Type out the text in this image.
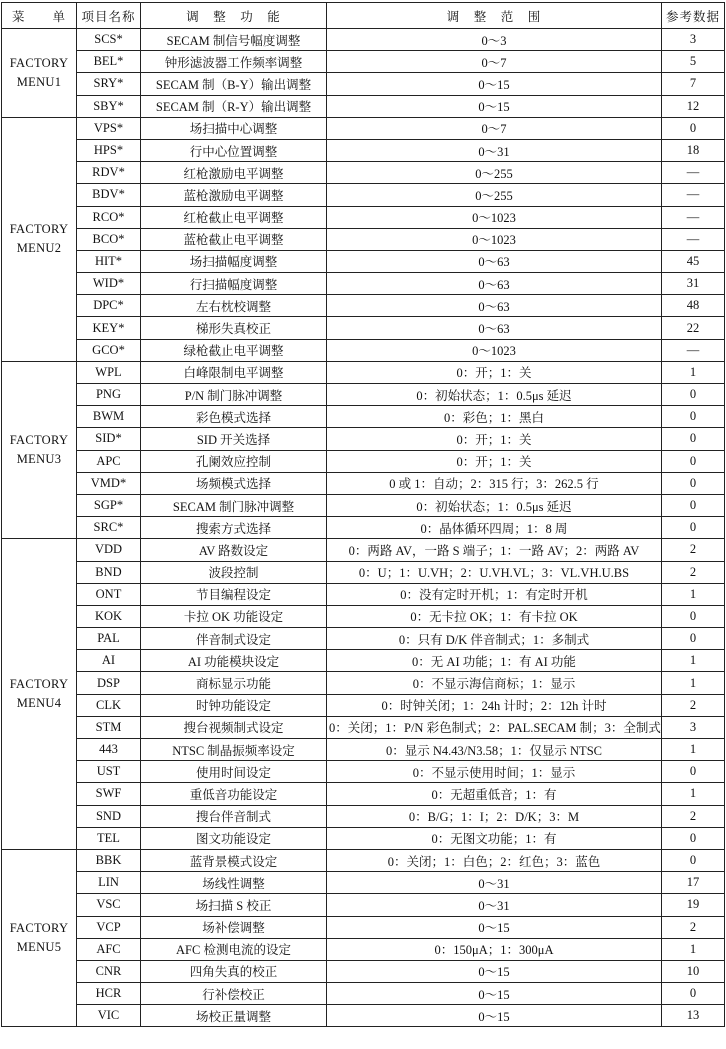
菜　　单	项目名称	调　整　功　能	调　整　范　围	参考数据

FACTORY
MENU1	SCS*	SECAM 制信号幅度调整	0～3	3
	BEL*	钟形滤波器工作频率调整	0～7	5
	SRY*	SECAM 制（B-Y）输出调整	0～15	7
	SBY*	SECAM 制（R-Y）输出调整	0～15	12

FACTORY
MENU2	VPS*	场扫描中心调整	0～7	0
	HPS*	行中心位置调整	0～31	18
	RDV*	红枪激励电平调整	0～255	—
	BDV*	蓝枪激励电平调整	0～255	—
	RCO*	红枪截止电平调整	0～1023	—
	BCO*	蓝枪截止电平调整	0～1023	—
	HIT*	场扫描幅度调整	0～63	45
	WID*	行扫描幅度调整	0～63	31
	DPC*	左右枕校调整	0～63	48
	KEY*	梯形失真校正	0～63	22
	GCO*	绿枪截止电平调整	0～1023	—

FACTORY
MENU3	WPL	白峰限制电平调整	0：开；1：关	1
	PNG	P/N 制门脉冲调整	0：初始状态；1：0.5μs 延迟	0
	BWM	彩色模式选择	0：彩色；1：黑白	0
	SID*	SID 开关选择	0：开；1：关	0
	APC	孔阑效应控制	0：开；1：关	0
	VMD*	场频模式选择	0 或 1：自动；2：315 行；3：262.5 行	0
	SGP*	SECAM 制门脉冲调整	0：初始状态；1：0.5μs 延迟	0
	SRC*	搜索方式选择	0：晶体循环四周；1：8 周	0

FACTORY
MENU4	VDD	AV 路数设定	0：两路 AV，一路 S 端子；1：一路 AV；2：两路 AV	2
	BND	波段控制	0：U；1：U.VH；2：U.VH.VL；3：VL.VH.U.BS	2
	ONT	节目编程设定	0：没有定时开机；1：有定时开机	1
	KOK	卡拉 OK 功能设定	0：无卡拉 OK；1：有卡拉 OK	0
	PAL	伴音制式设定	0：只有 D/K 伴音制式；1：多制式	0
	AI	AI 功能模块设定	0：无 AI 功能；1：有 AI 功能	1
	DSP	商标显示功能	0：不显示海信商标；1：显示	1
	CLK	时钟功能设定	0：时钟关闭；1：24h 计时；2：12h 计时	2
	STM	搜台视频制式设定	0：关闭；1：P/N 彩色制式；2：PAL.SECAM 制；3：全制式	3
	443	NTSC 制晶振频率设定	0：显示 N4.43/N3.58；1：仅显示 NTSC	1
	UST	使用时间设定	0：不显示使用时间；1：显示	0
	SWF	重低音功能设定	0：无超重低音；1：有	1
	SND	搜台伴音制式	0：B/G；1：I；2：D/K；3：M	2
	TEL	图文功能设定	0：无图文功能；1：有	0

FACTORY
MENU5	BBK	蓝背景模式设定	0：关闭；1：白色；2：红色；3：蓝色	0
	LIN	场线性调整	0～31	17
	VSC	场扫描 S 校正	0～31	19
	VCP	场补偿调整	0～15	2
	AFC	AFC 检测电流的设定	0：150μA；1：300μA	1
	CNR	四角失真的校正	0～15	10
	HCR	行补偿校正	0～15	0
	VIC	场校正量调整	0～15	13
